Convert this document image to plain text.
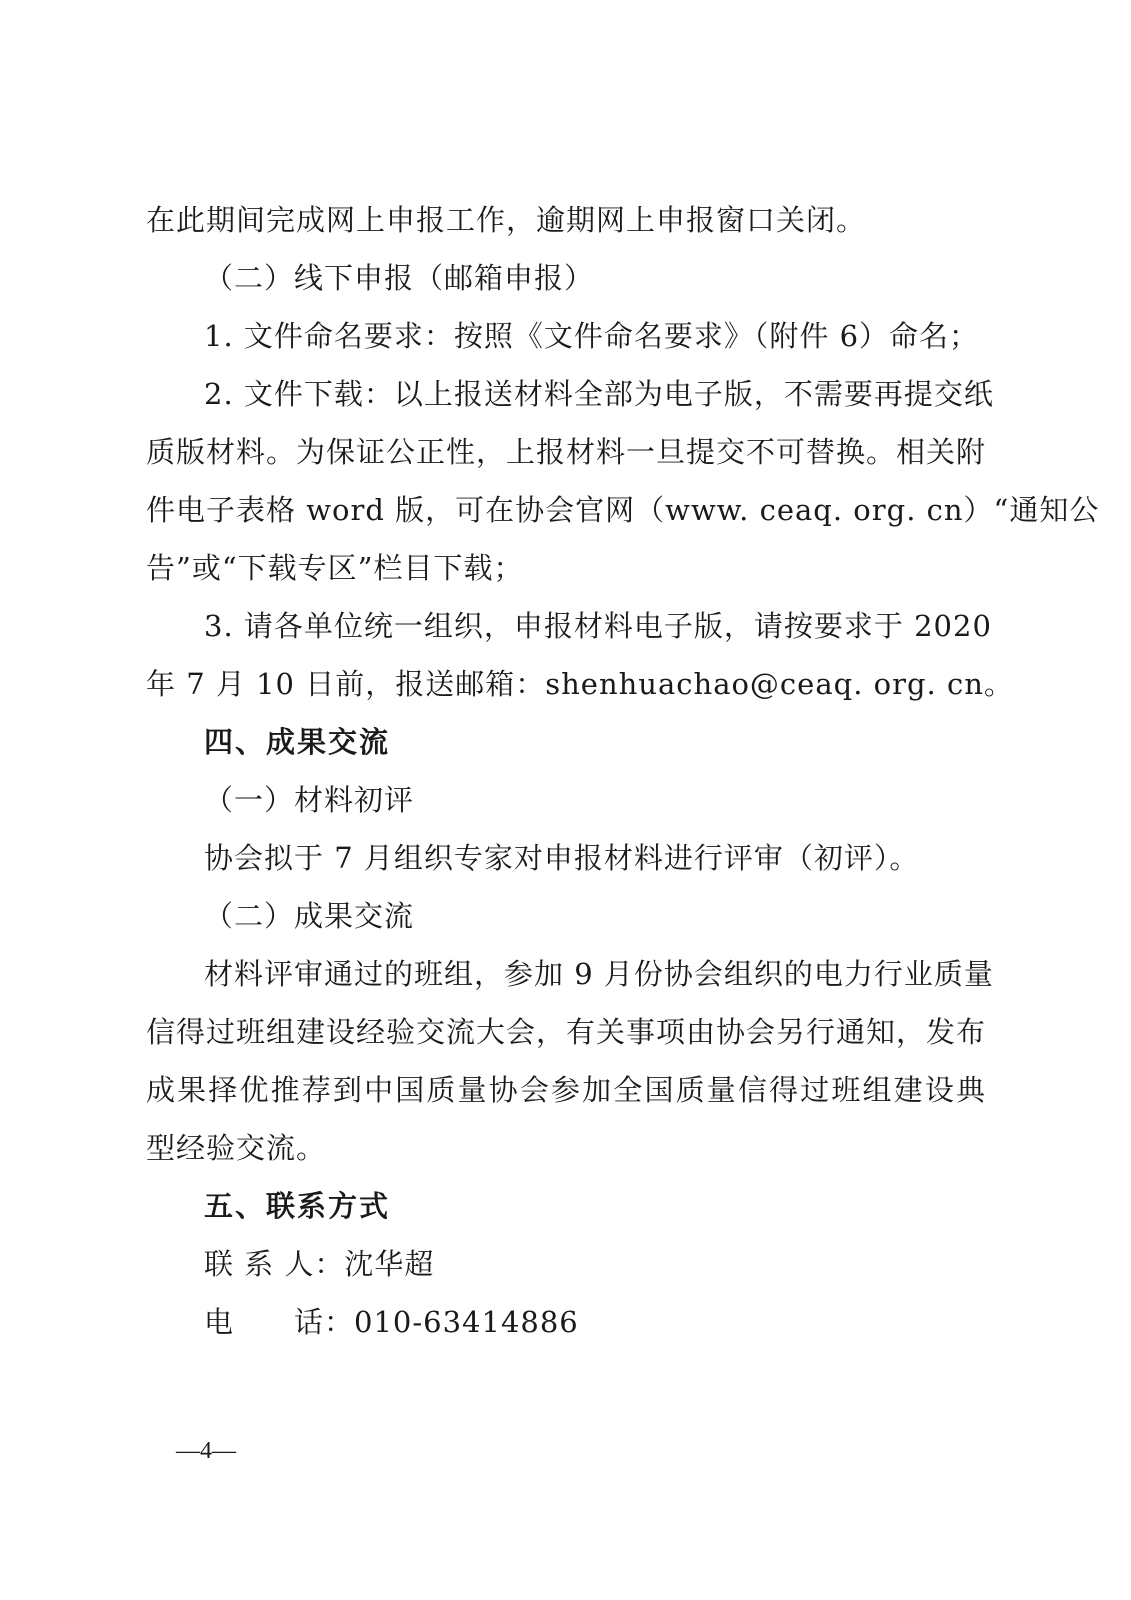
在此期间完成网上申报工作，逾期网上申报窗口关闭。
（二）线下申报（邮箱申报）
1. 文件命名要求：按照《文件命名要求》（附件 6）命名；
2. 文件下载：以上报送材料全部为电子版，不需要再提交纸
质版材料。为保证公正性，上报材料一旦提交不可替换。相关附
件电子表格 word 版，可在协会官网（www. ceaq. org. cn）“通知公
告”或“下载专区”栏目下载；
3. 请各单位统一组织，申报材料电子版，请按要求于 2020
年 7 月 10 日前，报送邮箱：shenhuachao@ceaq. org. cn。
四、成果交流
（一）材料初评
协会拟于 7 月组织专家对申报材料进行评审（初评）。
（二）成果交流
材料评审通过的班组，参加 9 月份协会组织的电力行业质量
信得过班组建设经验交流大会，有关事项由协会另行通知，发布
成果择优推荐到中国质量协会参加全国质量信得过班组建设典
型经验交流。
五、联系方式
联 系 人：沈华超
电　　话：010-63414886
—4—
